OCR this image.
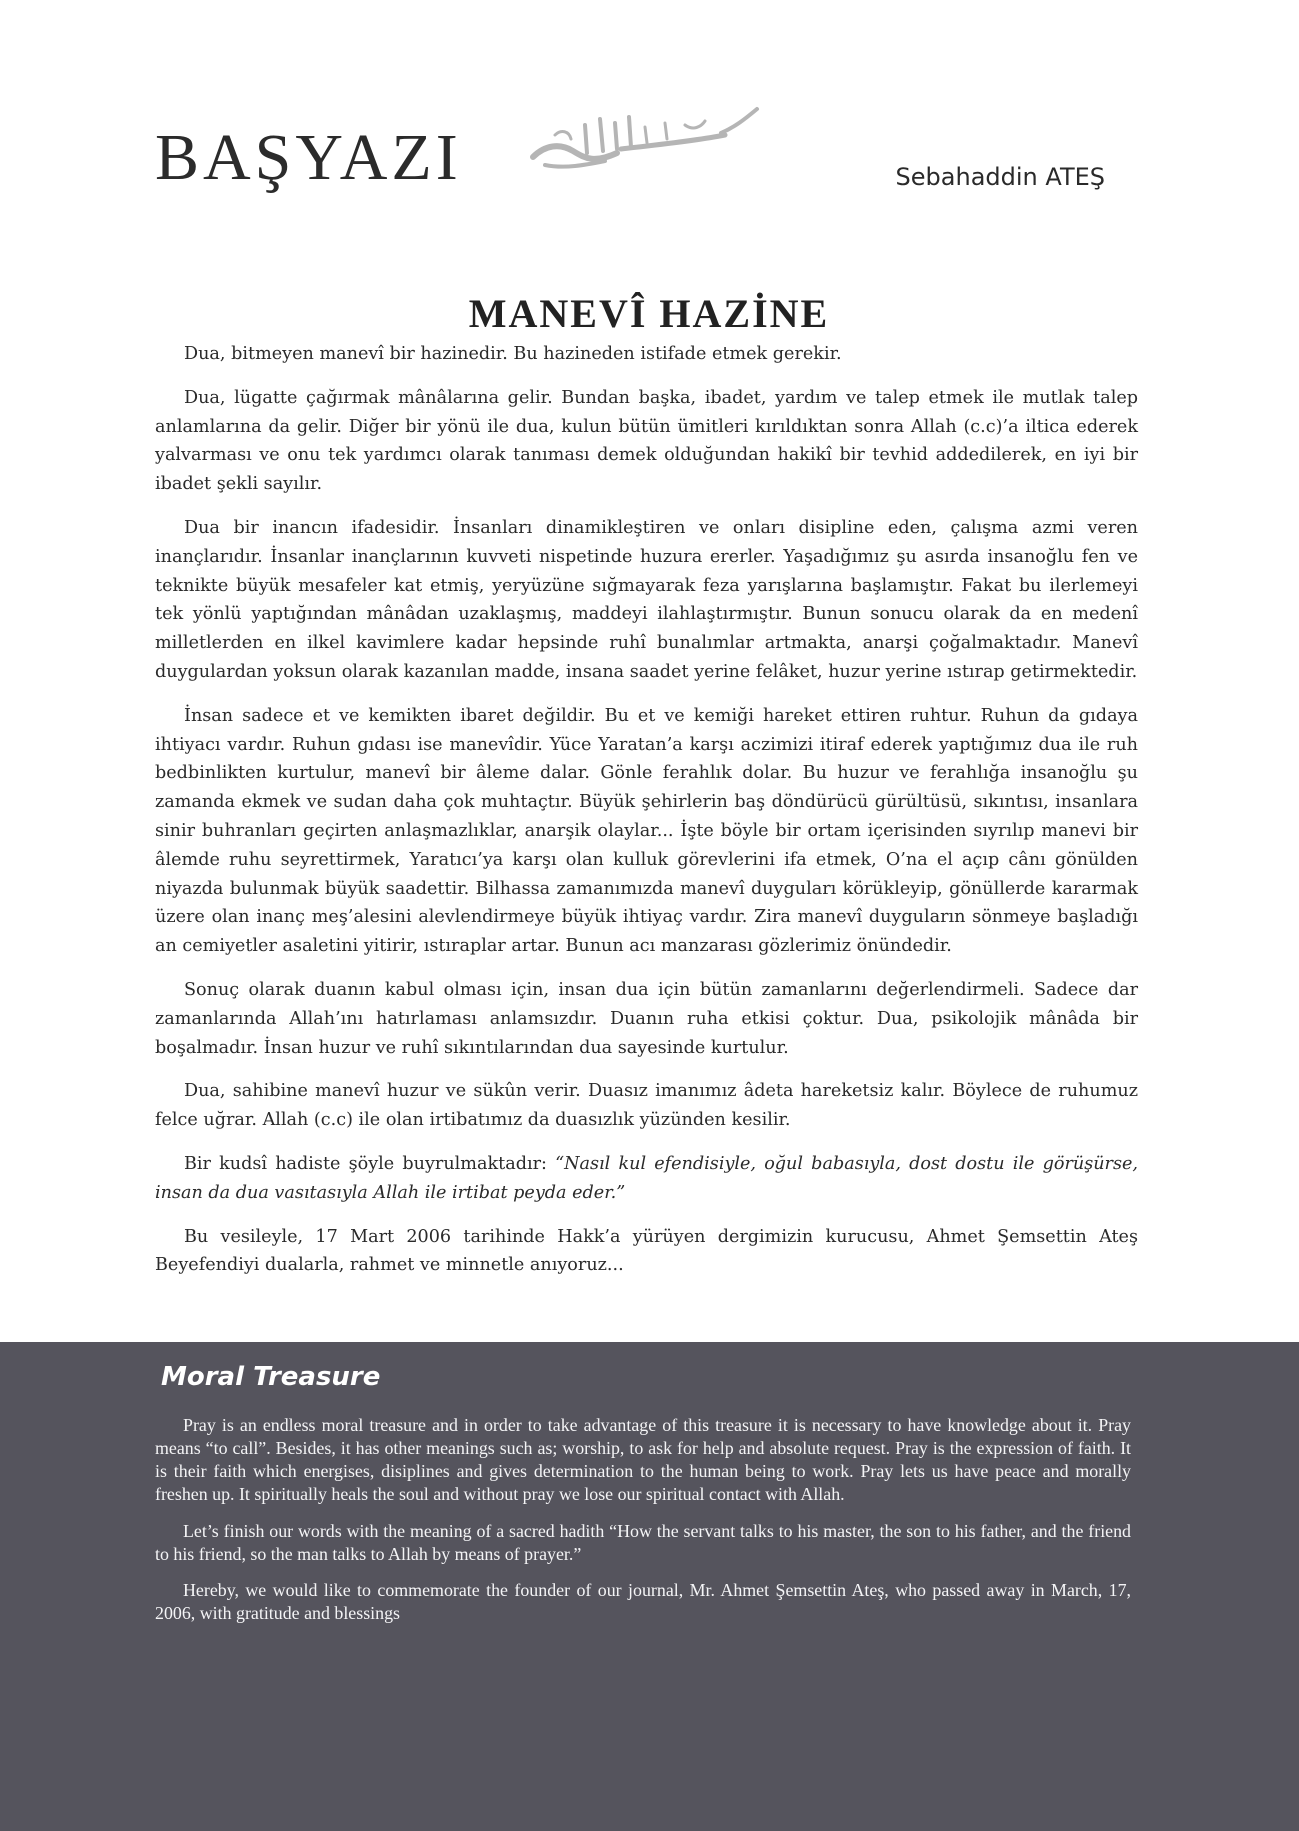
BAŞYAZI	Sebahaddin ATEŞ
MANEVÎ HAZİNE

Dua, bitmeyen manevî bir hazinedir. Bu hazineden istifade etmek gerekir.

Dua, lügatte çağırmak mânâlarına gelir. Bundan başka, ibadet, yardım ve talep etmek ile mutlak talep anlamlarına da gelir. Diğer bir yönü ile dua, kulun bütün ümitleri kırıldıktan sonra Allah (c.c)’a iltica ederek yalvarması ve onu tek yardımcı olarak tanıması demek olduğundan hakikî bir tevhid addedilerek, en iyi bir ibadet şekli sayılır.

Dua bir inancın ifadesidir. İnsanları dinamikleştiren ve onları disipline eden, çalışma azmi veren inançlarıdır. İnsanlar inançlarının kuvveti nispetinde huzura ererler. Yaşadığımız şu asırda insanoğlu fen ve teknikte büyük mesafeler kat etmiş, yeryüzüne sığmayarak feza yarışlarına başlamıştır. Fakat bu ilerlemeyi tek yönlü yaptığından mânâdan uzaklaşmış, maddeyi ilahlaştırmıştır. Bunun sonucu olarak da en medenî milletlerden en ilkel kavimlere kadar hepsinde ruhî bunalımlar artmakta, anarşi çoğalmaktadır. Manevî duygulardan yoksun olarak kazanılan madde, insana saadet yerine felâket, huzur yerine ıstırap getirmektedir.

İnsan sadece et ve kemikten ibaret değildir. Bu et ve kemiği hareket ettiren ruhtur. Ruhun da gıdaya ihtiyacı vardır. Ruhun gıdası ise manevîdir. Yüce Yaratan’a karşı aczimizi itiraf ederek yaptığımız dua ile ruh bedbinlikten kurtulur, manevî bir âleme dalar. Gönle ferahlık dolar. Bu huzur ve ferahlığa insanoğlu şu zamanda ekmek ve sudan daha çok muhtaçtır. Büyük şehirlerin baş döndürücü gürültüsü, sıkıntısı, insanlara sinir buhranları geçirten anlaşmazlıklar, anarşik olaylar... İşte böyle bir ortam içerisinden sıyrılıp manevi bir âlemde ruhu seyrettirmek, Yaratıcı’ya karşı olan kulluk görevlerini ifa etmek, O’na el açıp cânı gönülden niyazda bulunmak büyük saadettir. Bilhassa zamanımızda manevî duyguları körükleyip, gönüllerde kararmak üzere olan inanç meş’alesini alevlendirmeye büyük ihtiyaç vardır. Zira manevî duyguların sönmeye başladığı an cemiyetler asaletini yitirir, ıstıraplar artar. Bunun acı manzarası gözlerimiz önündedir.

Sonuç olarak duanın kabul olması için, insan dua için bütün zamanlarını değerlendirmeli. Sadece dar zamanlarında Allah’ını hatırlaması anlamsızdır. Duanın ruha etkisi çoktur. Dua, psikolojik mânâda bir boşalmadır. İnsan huzur ve ruhî sıkıntılarından dua sayesinde kurtulur.

Dua, sahibine manevî huzur ve sükûn verir. Duasız imanımız âdeta hareketsiz kalır. Böylece de ruhumuz felce uğrar. Allah (c.c) ile olan irtibatımız da duasızlık yüzünden kesilir.

Bir kudsî hadiste şöyle buyrulmaktadır: “Nasıl kul efendisiyle, oğul babasıyla, dost dostu ile görüşürse, insan da dua vasıtasıyla Allah ile irtibat peyda eder.”

Bu vesileyle, 17 Mart 2006 tarihinde Hakk’a yürüyen dergimizin kurucusu, Ahmet Şemsettin Ateş Beyefendiyi dualarla, rahmet ve minnetle anıyoruz...

Moral Treasure

Pray is an endless moral treasure and in order to take advantage of this treasure it is necessary to have knowledge about it. Pray means “to call”. Besides, it has other meanings such as; worship, to ask for help and absolute request. Pray is the expression of faith. It is their faith which energises, disiplines and gives determination to the human being to work. Pray lets us have peace and morally freshen up. It spiritually heals the soul and without pray we lose our spiritual contact with Allah.

Let’s finish our words with the meaning of a sacred hadith “How the servant talks to his master, the son to his father, and the friend to his friend, so the man talks to Allah by means of prayer.”

Hereby, we would like to commemorate the founder of our journal, Mr. Ahmet Şemsettin Ateş, who passed away in March, 17, 2006, with gratitude and blessings
